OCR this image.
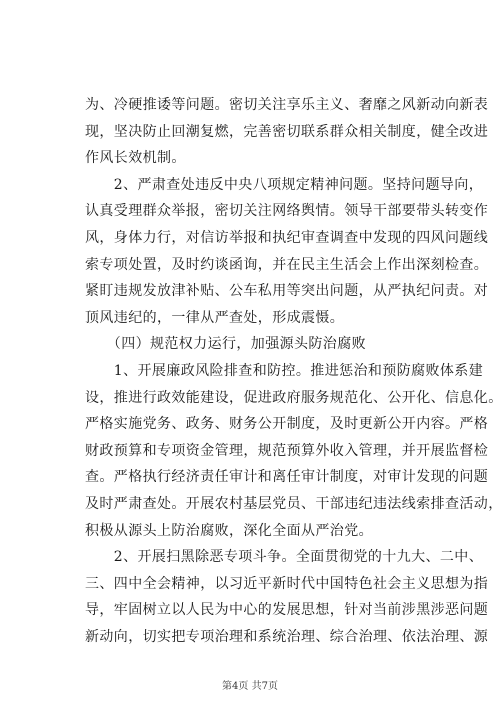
为、冷硬推诿等问题。密切关注享乐主义、奢靡之风新动向新表
现，坚决防止回潮复燃，完善密切联系群众相关制度，健全改进
作风长效机制。
　　2、严肃查处违反中央八项规定精神问题。坚持问题导向，
认真受理群众举报，密切关注网络舆情。领导干部要带头转变作
风，身体力行，对信访举报和执纪审查调查中发现的四风问题线
索专项处置，及时约谈函询，并在民主生活会上作出深刻检查。
紧盯违规发放津补贴、公车私用等突出问题，从严执纪问责。对
顶风违纪的，一律从严查处，形成震慑。
　　（四）规范权力运行，加强源头防治腐败
　　1、开展廉政风险排查和防控。推进惩治和预防腐败体系建
设，推进行政效能建设，促进政府服务规范化、公开化、信息化。
严格实施党务、政务、财务公开制度，及时更新公开内容。严格
财政预算和专项资金管理，规范预算外收入管理，并开展监督检
查。严格执行经济责任审计和离任审计制度，对审计发现的问题
及时严肃查处。开展农村基层党员、干部违纪违法线索排查活动，
积极从源头上防治腐败，深化全面从严治党。
　　2、开展扫黑除恶专项斗争。全面贯彻党的十九大、二中、
三、四中全会精神，以习近平新时代中国特色社会主义思想为指
导，牢固树立以人民为中心的发展思想，针对当前涉黑涉恶问题
新动向，切实把专项治理和系统治理、综合治理、依法治理、源
第4页 共7页
